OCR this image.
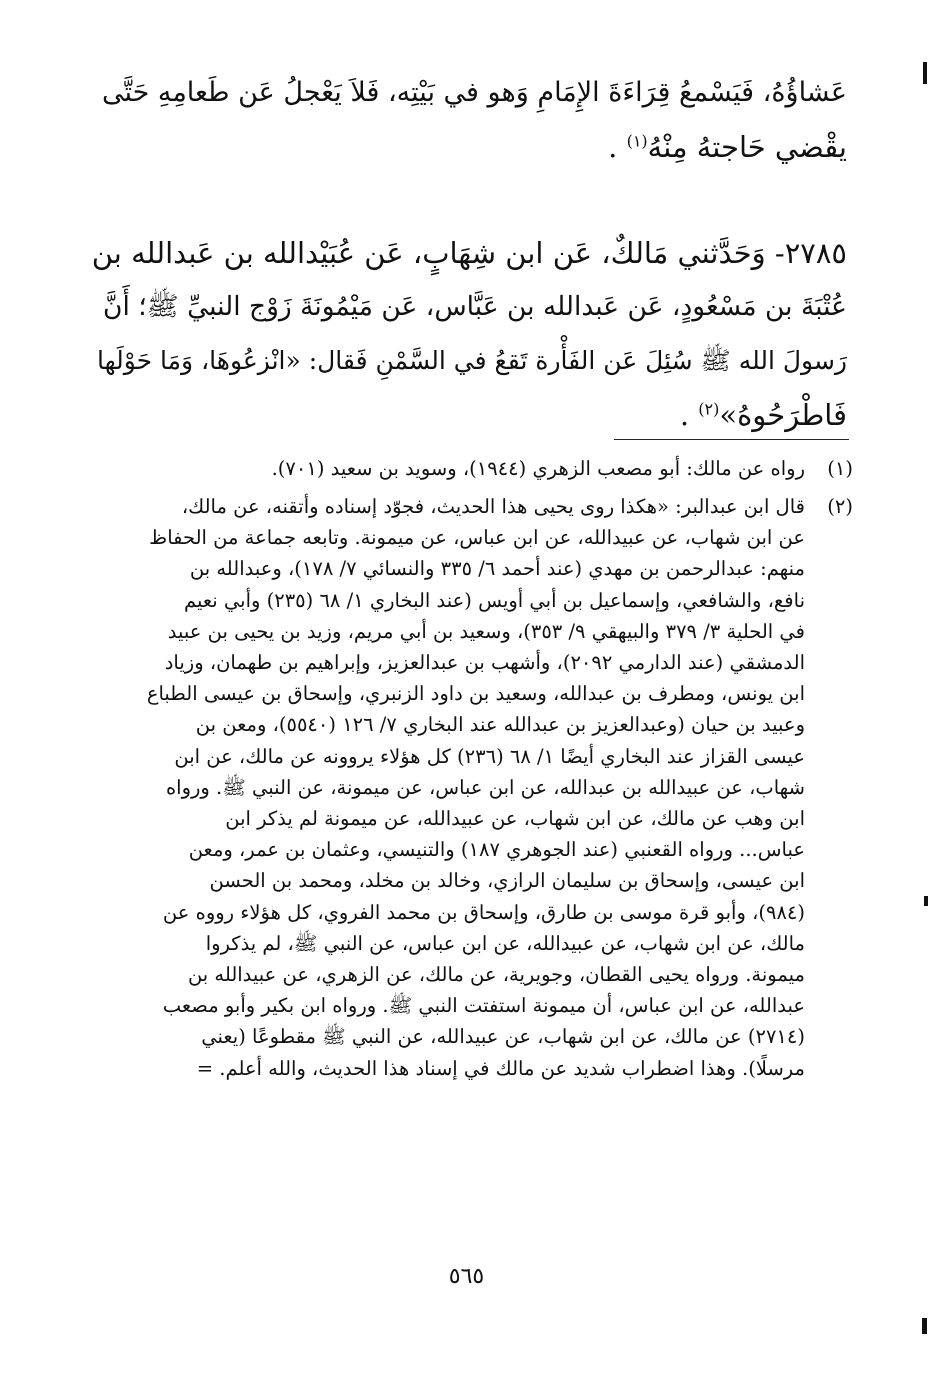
عَشاؤُهُ، فَيَسْمعُ قِرَاءَةَ الإِمَامِ وَهو في بَيْتِه، فَلاَ يَعْجلُ عَن طَعامِهِ حَتَّى
يقْضي حَاجتهُ مِنْهُ$^{(١)}$ .
٢٧٨٥- وَحَدَّثني مَالكٌ، عَن ابن شِهَابٍ، عَن عُبَيْدالله بن عَبدالله بن
عُتْبَةَ بن مَسْعُودٍ، عَن عَبدالله بن عَبَّاس، عَن مَيْمُونَةَ زَوْج النبيِّ ﷺ؛ أَنَّ
رَسولَ الله ﷺ سُئِلَ عَن الفَأْرة تَقعُ في السَّمْنِ فَقال: «انْزعُوهَا، وَمَا حَوْلَها
فَاطْرَحُوهُ»$^{(٢)}$ .
(١)
رواه عن مالك: أبو مصعب الزهري (١٩٤٤)، وسويد بن سعيد (٧٠١).
(٢)
قال ابن عبدالبر: «هكذا روى يحيى هذا الحديث، فجوّد إسناده وأتقنه، عن مالك،
عن ابن شهاب، عن عبيدالله، عن ابن عباس، عن ميمونة. وتابعه جماعة من الحفاظ
منهم: عبدالرحمن بن مهدي (عند أحمد ٦/ ٣٣٥ والنسائي ٧/ ١٧٨)، وعبدالله بن
نافع، والشافعي، وإسماعيل بن أبي أويس (عند البخاري ١/ ٦٨ (٢٣٥) وأبي نعيم
في الحلية ٣/ ٣٧٩ والبيهقي ٩/ ٣٥٣)، وسعيد بن أبي مريم، وزيد بن يحيى بن عبيد
الدمشقي (عند الدارمي ٢٠٩٢)، وأشهب بن عبدالعزيز، وإبراهيم بن طهمان، وزياد
ابن يونس، ومطرف بن عبدالله، وسعيد بن داود الزنبري، وإسحاق بن عيسى الطباع
وعبيد بن حيان (وعبدالعزيز بن عبدالله عند البخاري ٧/ ١٢٦ (٥٥٤٠)، ومعن بن
عيسى القزاز عند البخاري أيضًا ١/ ٦٨ (٢٣٦) كل هؤلاء يروونه عن مالك، عن ابن
شهاب، عن عبيدالله بن عبدالله، عن ابن عباس، عن ميمونة، عن النبي ﷺ. ورواه
ابن وهب عن مالك، عن ابن شهاب، عن عبيدالله، عن ميمونة لم يذكر ابن
عباس... ورواه القعنبي (عند الجوهري ١٨٧) والتنيسي، وعثمان بن عمر، ومعن
ابن عيسى، وإسحاق بن سليمان الرازي، وخالد بن مخلد، ومحمد بن الحسن
(٩٨٤)، وأبو قرة موسى بن طارق، وإسحاق بن محمد الفروي، كل هؤلاء رووه عن
مالك، عن ابن شهاب، عن عبيدالله، عن ابن عباس، عن النبي ﷺ، لم يذكروا
ميمونة. ورواه يحيى القطان، وجويرية، عن مالك، عن الزهري، عن عبيدالله بن
عبدالله، عن ابن عباس، أن ميمونة استفتت النبي ﷺ. ورواه ابن بكير وأبو مصعب
(٢٧١٤) عن مالك، عن ابن شهاب، عن عبيدالله، عن النبي ﷺ مقطوعًا (يعني
مرسلًا). وهذا اضطراب شديد عن مالك في إسناد هذا الحديث، والله أعلم. =
٥٦٥
